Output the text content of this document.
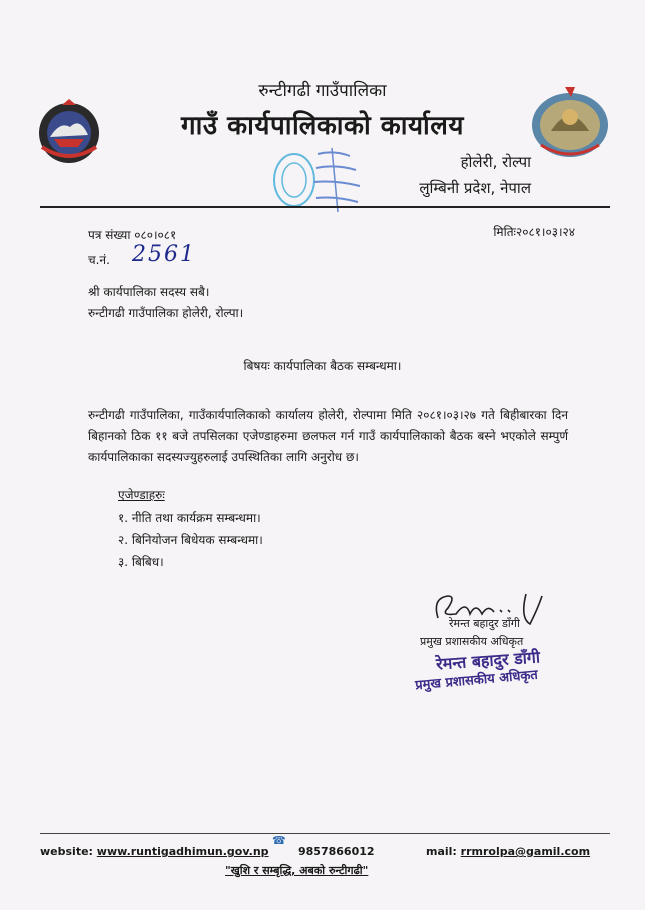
रुन्टीगढी गाउँपालिका
गाउँ कार्यपालिकाको कार्यालय
होलेरी, रोल्पा
लुम्बिनी प्रदेश, नेपाल
पत्र संख्या ०८०।०८१	मितिः२०८१।०३।२४
च.नं. 2561
श्री कार्यपालिका सदस्य सबै।
रुन्टीगढी गाउँपालिका होलेरी, रोल्पा।
बिषयः कार्यपालिका बैठक सम्बन्धमा।
रुन्टीगढी गाउँपालिका, गाउँकार्यपालिकाको कार्यालय होलेरी, रोल्पामा मिति २०८१।०३।२७ गते बिहीबारका दिन बिहानको ठिक ११ बजे तपसिलका एजेण्डाहरुमा छलफल गर्न गाउँ कार्यपालिकाको बैठक बस्ने भएकोले सम्पुर्ण कार्यपालिकाका सदस्यज्युहरुलाई उपस्थितिका लागि अनुरोध छ।
एजेण्डाहरुः
१. नीति तथा कार्यक्रम सम्बन्धमा।
२. बिनियोजन बिधेयक सम्बन्धमा।
३. बिबिध।
रेमन्त बहादुर डाँगी
प्रमुख प्रशासकीय अधिकृत
रेमन्त बहादुर डाँगी
प्रमुख प्रशासकीय अधिकृत
website: www.runtigadhimun.gov.np
☎
9857866012	mail: rrmrolpa@gamil.com
"खुशि र सम्बृद्धि, अबको रुन्टीगढी"
